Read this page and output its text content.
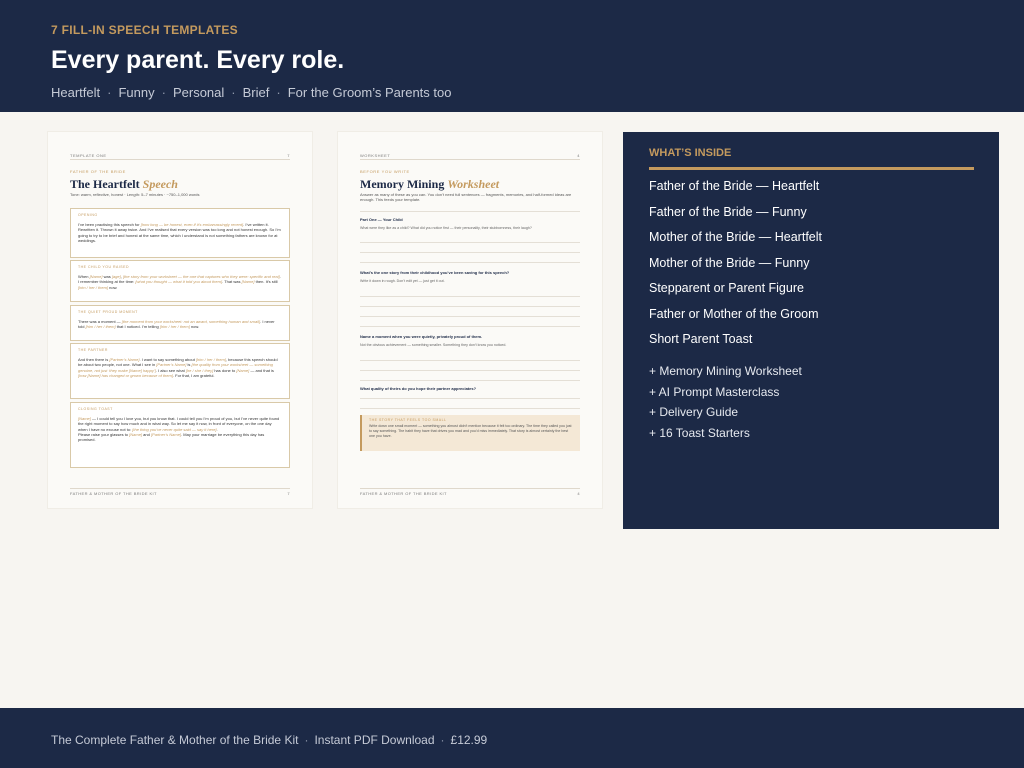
7 FILL-IN SPEECH TEMPLATES
Every parent. Every role.
Heartfelt · Funny · Personal · Brief · For the Groom’s Parents too
TEMPLATE ONE	7
FATHER OF THE BRIDE
The Heartfelt Speech
Tone: warm, reflective, honest · Length: 5–7 minutes · ~750–1,000 words
OPENING
I’ve been practising this speech for [how long — be honest, even if it’s embarrassingly recent]. I’ve written it. Rewritten it. Thrown it away twice. And I’ve realised that every version was too long and not honest enough. So I’m going to try to be brief and honest at the same time, which I understand is not something fathers are known for at weddings.
THE CHILD YOU RAISED
When [Name] was [age], [the story from your worksheet — the one that captures who they were: specific and real]. I remember thinking at the time: [what you thought — what it told you about them]. That was [Name] then. It’s still [him / her / them] now.
THE QUIET PROUD MOMENT
There was a moment — [the moment from your worksheet: not an award, something human and small]. I never told [him / her / them] that I noticed. I’m telling [him / her / them] now.
THE PARTNER
And then there is [Partner’s Name]. I want to say something about [him / her / them], because this speech should be about two people, not one. What I see in [Partner’s Name] is [the quality from your worksheet — something genuine, not just ‘they make [Name] happy’]. I also see what [he / she / they] has done to [Name] — and that is [how [Name] has changed or grown because of them]. For that, I am grateful.
CLOSING TOAST
[Name] — I could tell you I love you, but you know that. I could tell you I’m proud of you, but I’ve never quite found the right moment to say how much and in what way. So let me say it now, in front of everyone, on the one day when I have no excuse not to: [the thing you’ve never quite said — say it here].
Please raise your glasses to [Name] and [Partner’s Name]. May your marriage be everything this day has promised.
FATHER & MOTHER OF THE BRIDE KIT	7
WORKSHEET	4
BEFORE YOU WRITE
Memory Mining Worksheet
Answer as many of these as you can. You don’t need full sentences — fragments, memories, and half-formed ideas are enough. This feeds your template.
Part One — Your Child
What were they like as a child? What did you notice first — their personality, their stubbornness, their laugh?
What’s the one story from their childhood you’ve been saving for this speech?
Write it down in rough. Don’t edit yet — just get it out.
Name a moment when you were quietly, privately proud of them.
Not the obvious achievement — something smaller. Something they don’t know you noticed.
What quality of theirs do you hope their partner appreciates?
THE STORY THAT FEELS TOO SMALL
Write down one small moment — something you almost didn’t mention because it felt too ordinary. The time they called you just to say something. The habit they have that drives you mad and you’d miss immediately. That story is almost certainly the best one you have.
FATHER & MOTHER OF THE BRIDE KIT	4
WHAT’S INSIDE
Father of the Bride — Heartfelt
Father of the Bride — Funny
Mother of the Bride — Heartfelt
Mother of the Bride — Funny
Stepparent or Parent Figure
Father or Mother of the Groom
Short Parent Toast
+ Memory Mining Worksheet
+ AI Prompt Masterclass
+ Delivery Guide
+ 16 Toast Starters
The Complete Father & Mother of the Bride Kit · Instant PDF Download · £12.99
